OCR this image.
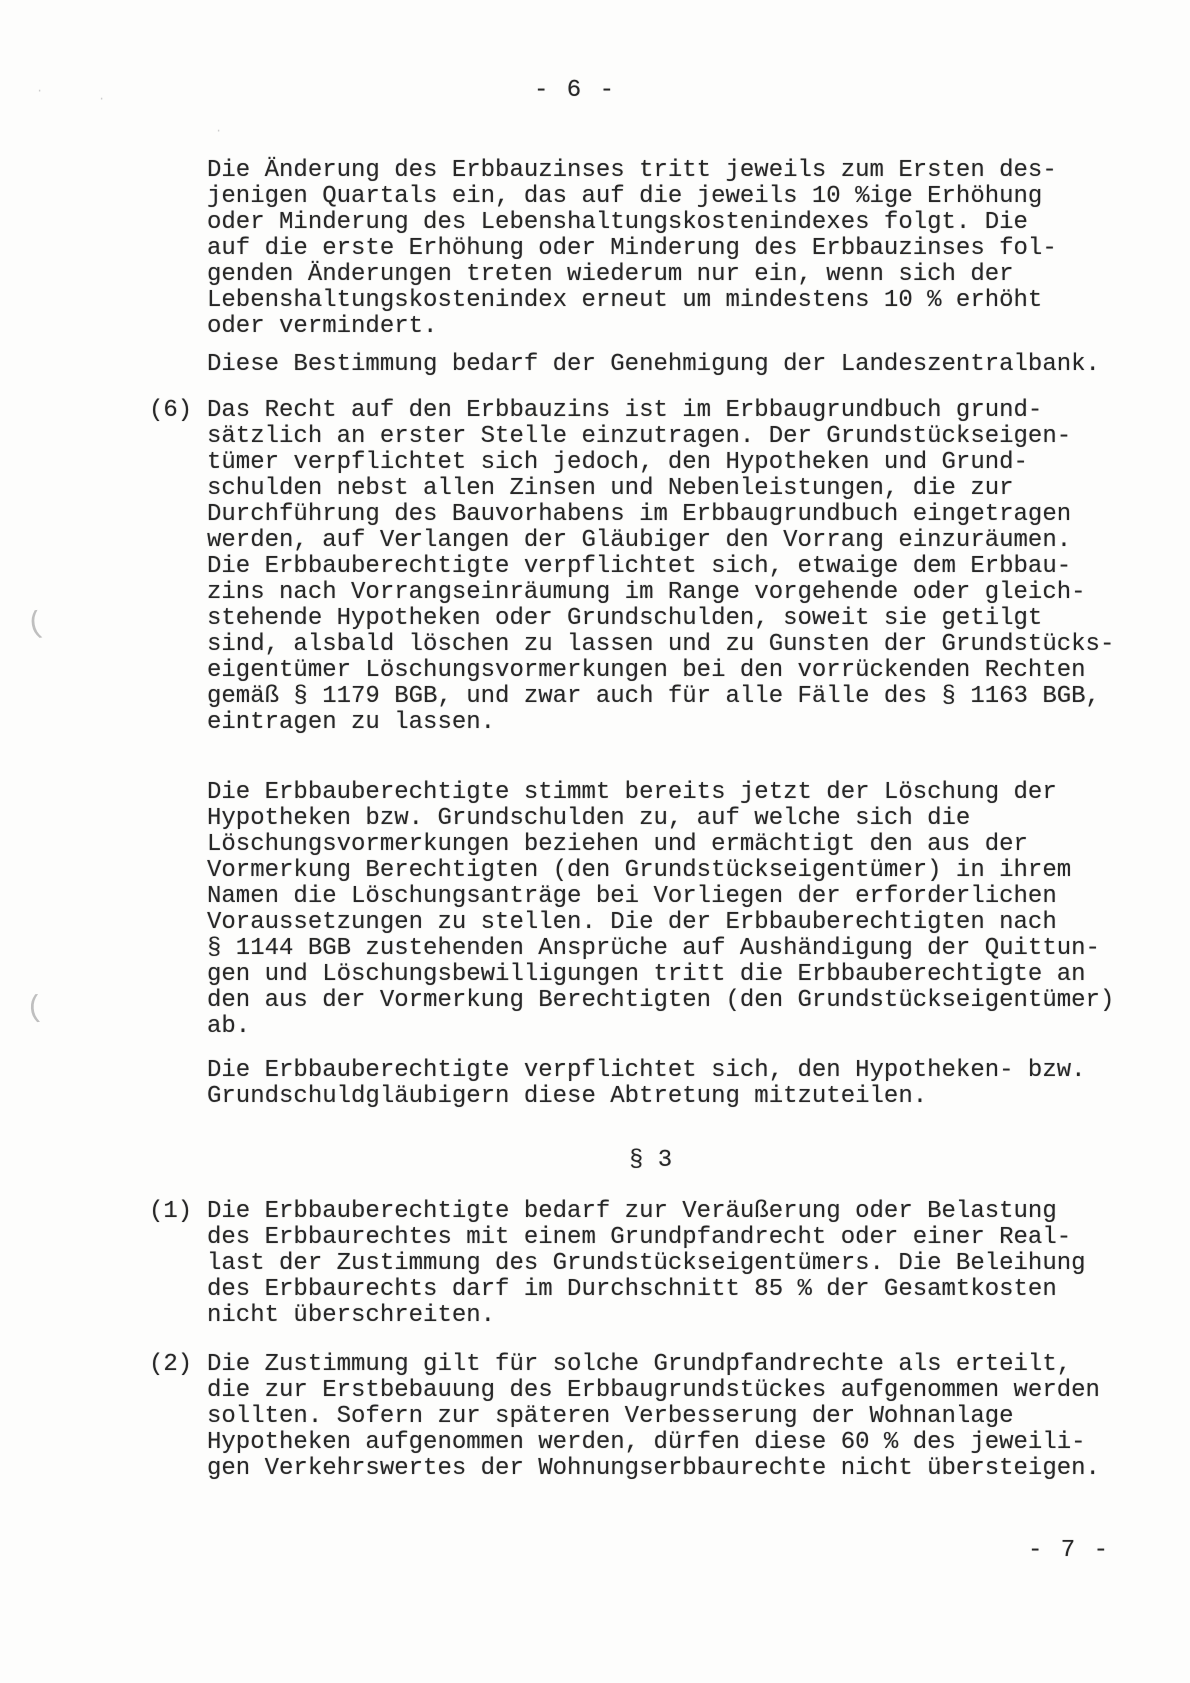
- 6 -
Die Änderung des Erbbauzinses tritt jeweils zum Ersten des-
jenigen Quartals ein, das auf die jeweils 10 %ige Erhöhung
oder Minderung des Lebenshaltungskostenindexes folgt. Die
auf die erste Erhöhung oder Minderung des Erbbauzinses fol-
genden Änderungen treten wiederum nur ein, wenn sich der
Lebenshaltungskostenindex erneut um mindestens 10 % erhöht
oder vermindert.
Diese Bestimmung bedarf der Genehmigung der Landeszentralbank.
(6) Das Recht auf den Erbbauzins ist im Erbbaugrundbuch grund-
sätzlich an erster Stelle einzutragen. Der Grundstückseigen-
tümer verpflichtet sich jedoch, den Hypotheken und Grund-
schulden nebst allen Zinsen und Nebenleistungen, die zur
Durchführung des Bauvorhabens im Erbbaugrundbuch eingetragen
werden, auf Verlangen der Gläubiger den Vorrang einzuräumen.
Die Erbbauberechtigte verpflichtet sich, etwaige dem Erbbau-
zins nach Vorrangseinräumung im Range vorgehende oder gleich-
stehende Hypotheken oder Grundschulden, soweit sie getilgt
sind, alsbald löschen zu lassen und zu Gunsten der Grundstücks-
eigentümer Löschungsvormerkungen bei den vorrückenden Rechten
gemäß § 1179 BGB, und zwar auch für alle Fälle des § 1163 BGB,
eintragen zu lassen.
Die Erbbauberechtigte stimmt bereits jetzt der Löschung der
Hypotheken bzw. Grundschulden zu, auf welche sich die
Löschungsvormerkungen beziehen und ermächtigt den aus der
Vormerkung Berechtigten (den Grundstückseigentümer) in ihrem
Namen die Löschungsanträge bei Vorliegen der erforderlichen
Voraussetzungen zu stellen. Die der Erbbauberechtigten nach
§ 1144 BGB zustehenden Ansprüche auf Aushändigung der Quittun-
gen und Löschungsbewilligungen tritt die Erbbauberechtigte an
den aus der Vormerkung Berechtigten (den Grundstückseigentümer)
ab.
Die Erbbauberechtigte verpflichtet sich, den Hypotheken- bzw.
Grundschuldgläubigern diese Abtretung mitzuteilen.
§ 3
(1) Die Erbbauberechtigte bedarf zur Veräußerung oder Belastung
des Erbbaurechtes mit einem Grundpfandrecht oder einer Real-
last der Zustimmung des Grundstückseigentümers. Die Beleihung
des Erbbaurechts darf im Durchschnitt 85 % der Gesamtkosten
nicht überschreiten.
(2) Die Zustimmung gilt für solche Grundpfandrechte als erteilt,
die zur Erstbebauung des Erbbaugrundstückes aufgenommen werden
sollten. Sofern zur späteren Verbesserung der Wohnanlage
Hypotheken aufgenommen werden, dürfen diese 60 % des jeweili-
gen Verkehrswertes der Wohnungserbbaurechte nicht übersteigen.
- 7 -
(
(
·
·
·
